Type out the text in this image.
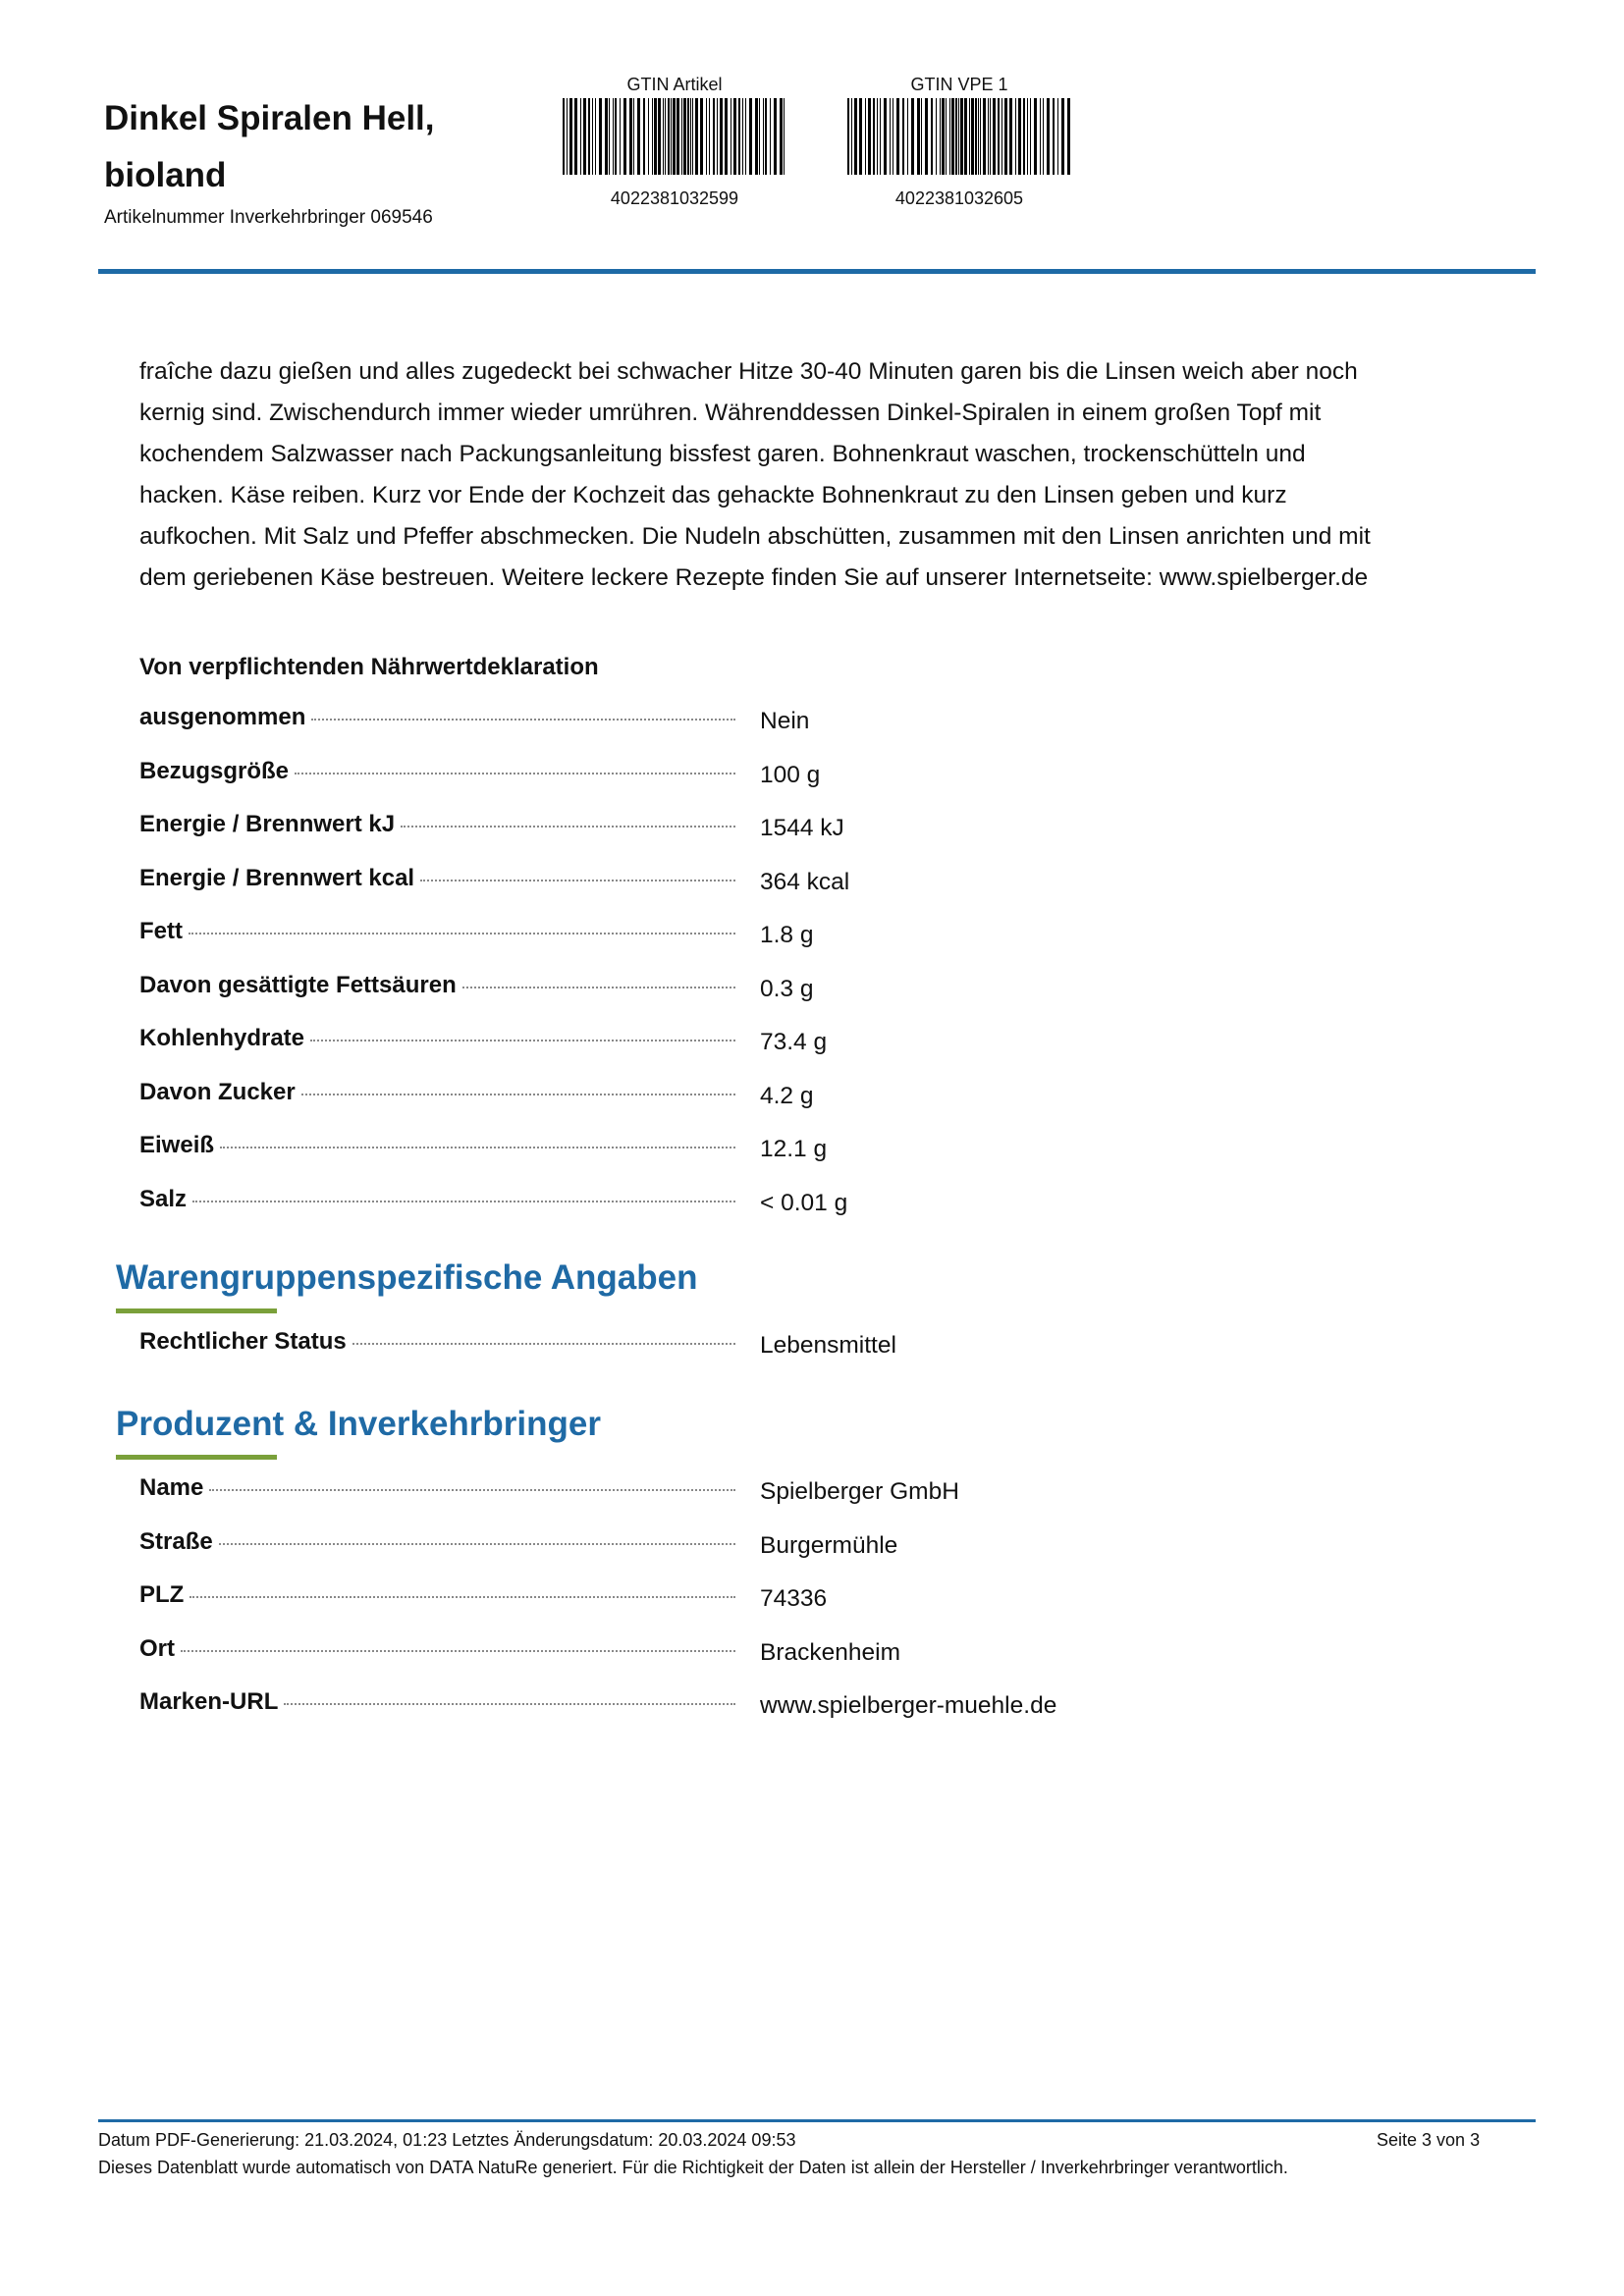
Dinkel Spiralen Hell, bioland
Artikelnummer Inverkehrbringer 069546
GTIN Artikel
4022381032599
GTIN VPE 1
4022381032605
fraîche dazu gießen und alles zugedeckt bei schwacher Hitze 30-40 Minuten garen bis die Linsen weich aber noch kernig sind. Zwischendurch immer wieder umrühren. Währenddessen Dinkel-Spiralen in einem großen Topf mit kochendem Salzwasser nach Packungsanleitung bissfest garen. Bohnenkraut waschen, trockenschütteln und hacken. Käse reiben. Kurz vor Ende der Kochzeit das gehackte Bohnenkraut zu den Linsen geben und kurz aufkochen. Mit Salz und Pfeffer abschmecken. Die Nudeln abschütten, zusammen mit den Linsen anrichten und mit dem geriebenen Käse bestreuen. Weitere leckere Rezepte finden Sie auf unserer Internetseite: www.spielberger.de
Von verpflichtenden Nährwertdeklaration
ausgenommen	Nein
Bezugsgröße	100 g
Energie / Brennwert kJ	1544 kJ
Energie / Brennwert kcal	364 kcal
Fett	1.8 g
Davon gesättigte Fettsäuren	0.3 g
Kohlenhydrate	73.4 g
Davon Zucker	4.2 g
Eiweiß	12.1 g
Salz	< 0.01 g
Warengruppenspezifische Angaben
Rechtlicher Status	Lebensmittel
Produzent & Inverkehrbringer
Name	Spielberger GmbH
Straße	Burgermühle
PLZ	74336
Ort	Brackenheim
Marken-URL	www.spielberger-muehle.de
Datum PDF-Generierung: 21.03.2024, 01:23 Letztes Änderungsdatum: 20.03.2024 09:53	Seite 3 von 3
Dieses Datenblatt wurde automatisch von DATA NatuRe generiert. Für die Richtigkeit der Daten ist allein der Hersteller / Inverkehrbringer verantwortlich.
